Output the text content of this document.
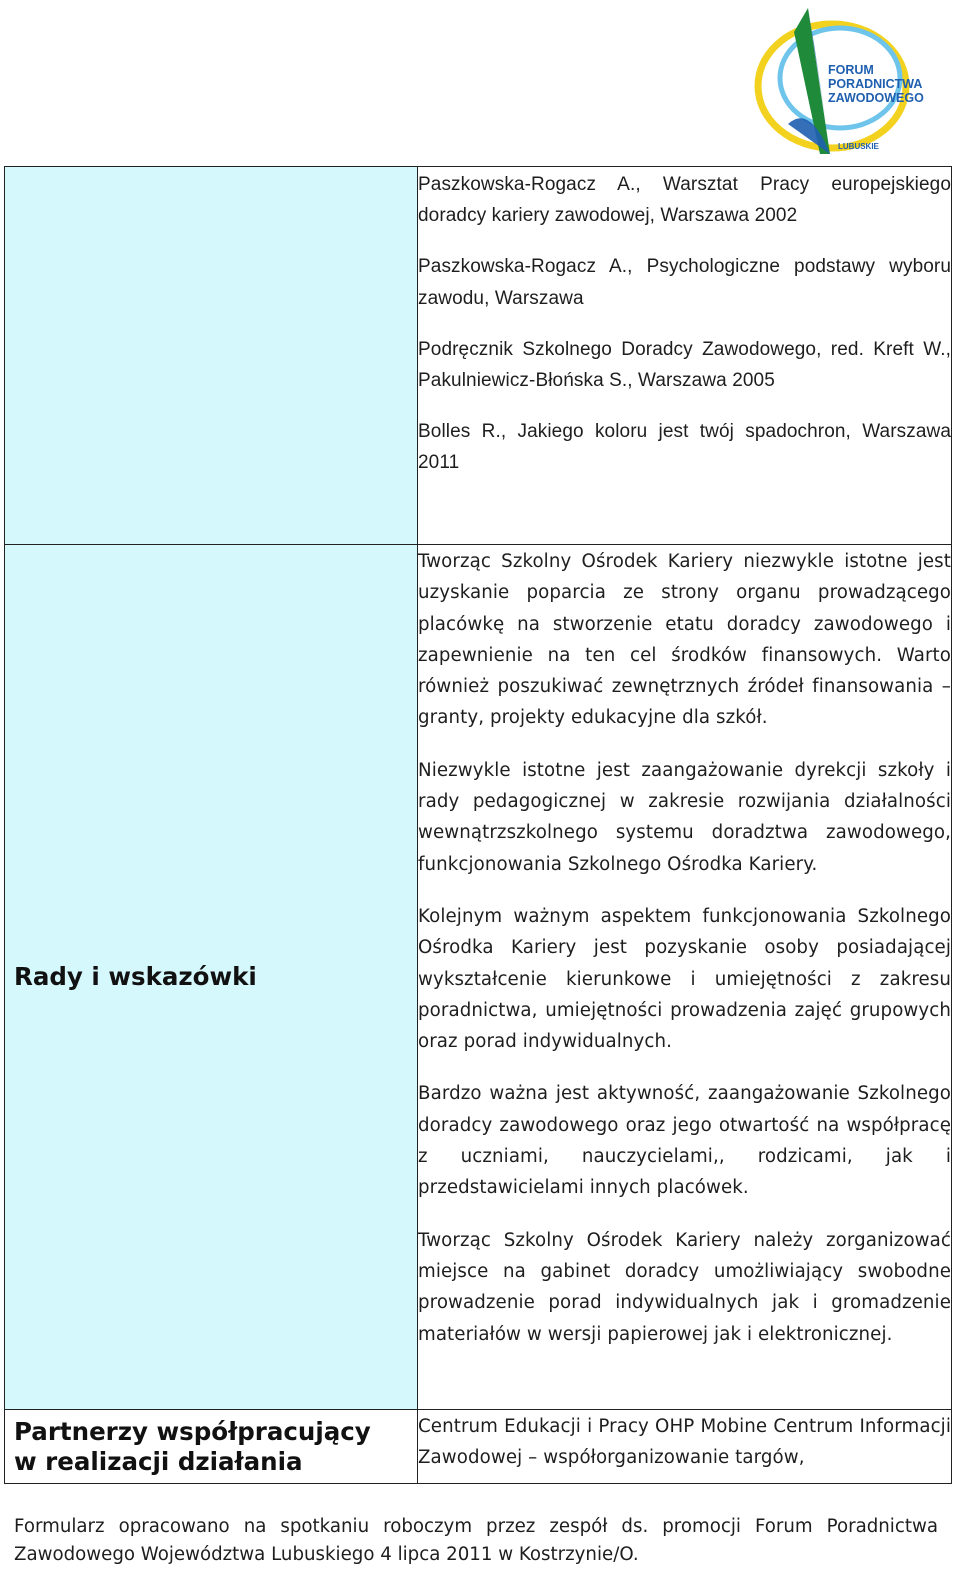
FORUM
PORADNICTWA
ZAWODOWEGO
LUBUSKIE

	Paszkowska-Rogacz A., Warsztat Pracy europejskiego doradcy kariery zawodowej, Warszawa 2002

Paszkowska-Rogacz A., Psychologiczne podstawy wyboru zawodu, Warszawa

Podręcznik Szkolnego Doradcy Zawodowego, red. Kreft W., Pakulniewicz-Błońska S., Warszawa 2005

Bolles R., Jakiego koloru jest twój spadochron, Warszawa 2011

Rady i wskazówki	Tworząc Szkolny Ośrodek Kariery niezwykle istotne jest uzyskanie poparcia ze strony organu prowadzącego placówkę na stworzenie etatu doradcy zawodowego i zapewnienie na ten cel środków finansowych. Warto również poszukiwać zewnętrznych źródeł finansowania – granty, projekty edukacyjne dla szkół.

Niezwykle istotne jest zaangażowanie dyrekcji szkoły i rady pedagogicznej w zakresie rozwijania działalności wewnątrzszkolnego systemu doradztwa zawodowego, funkcjonowania Szkolnego Ośrodka Kariery.

Kolejnym ważnym aspektem funkcjonowania Szkolnego Ośrodka Kariery jest pozyskanie osoby posiadającej wykształcenie kierunkowe i umiejętności z zakresu poradnictwa, umiejętności prowadzenia zajęć grupowych oraz porad indywidualnych.

Bardzo ważna jest aktywność, zaangażowanie Szkolnego doradcy zawodowego oraz jego otwartość na współpracę z uczniami, nauczycielami,, rodzicami, jak i przedstawicielami innych placówek.

Tworząc Szkolny Ośrodek Kariery należy zorganizować miejsce na gabinet doradcy umożliwiający swobodne prowadzenie porad indywidualnych jak i gromadzenie materiałów w wersji papierowej jak i elektronicznej.

Partnerzy współpracujący
w realizacji działania	Centrum Edukacji i Pracy OHP Mobine Centrum Informacji Zawodowej – współorganizowanie targów,
Formularz opracowano na spotkaniu roboczym przez zespół ds. promocji Forum Poradnictwa Zawodowego Województwa Lubuskiego 4 lipca 2011 w Kostrzynie/O.
